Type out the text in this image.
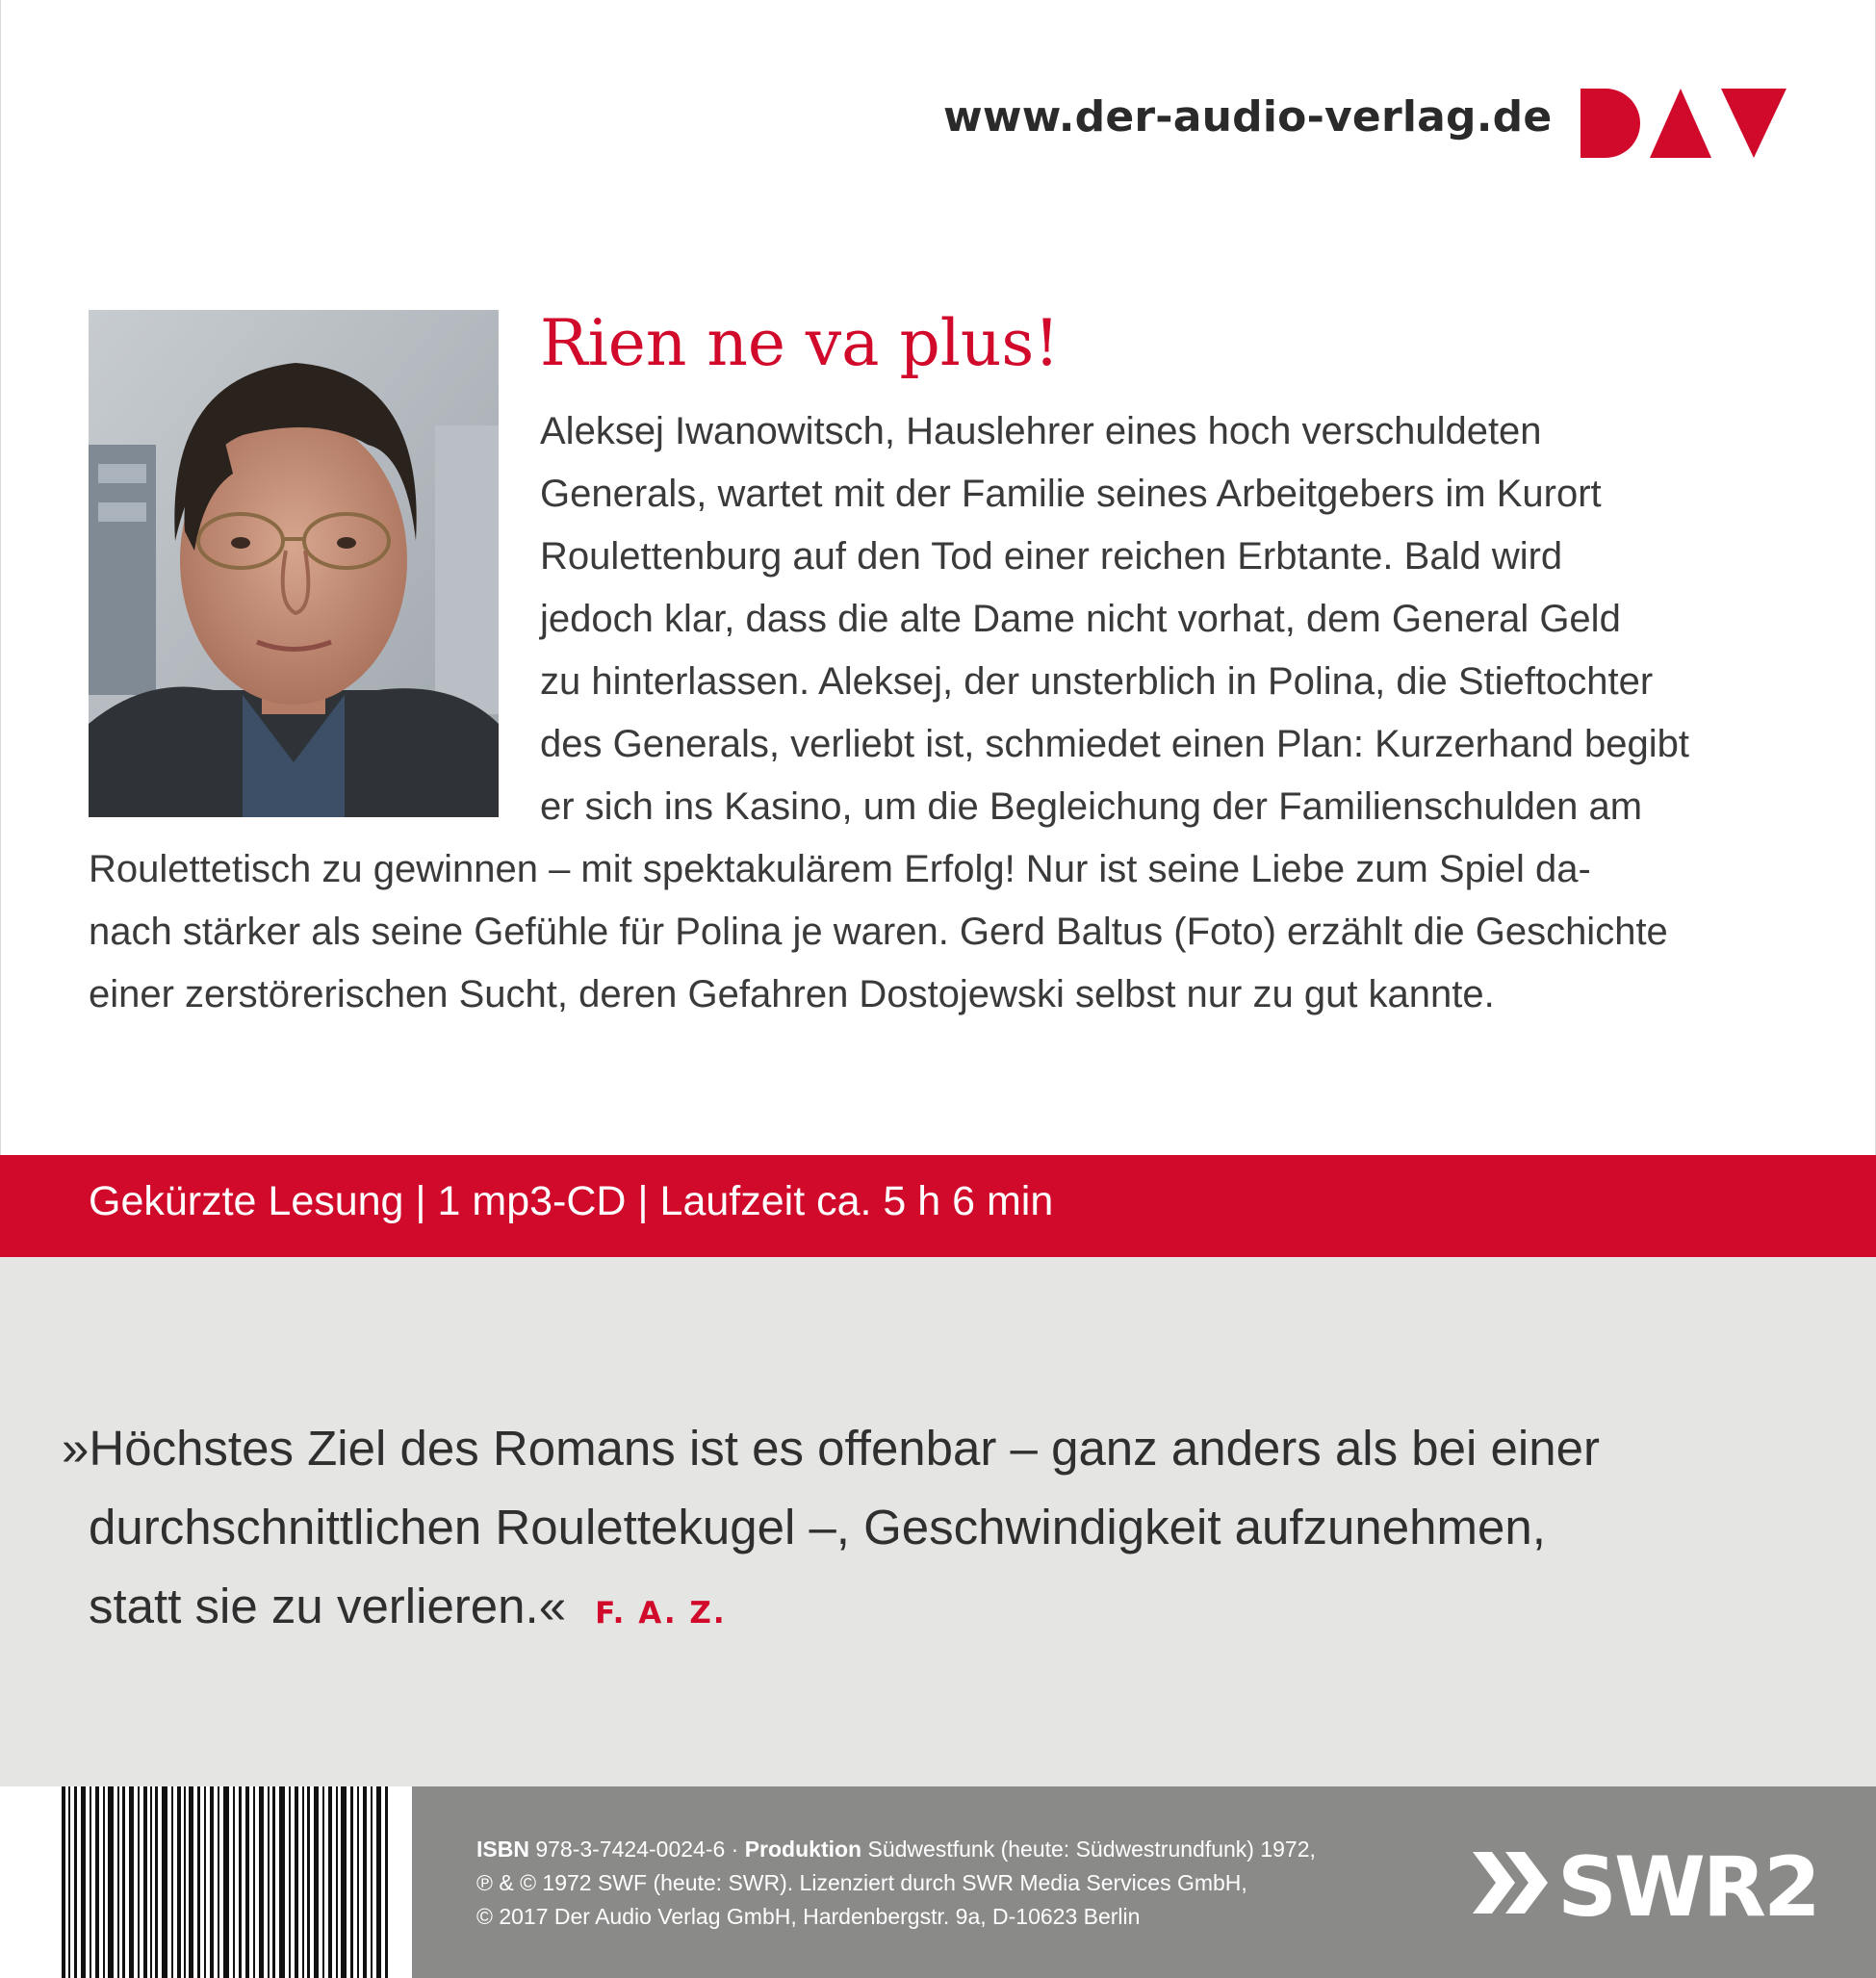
www.der-audio-verlag.de
Rien ne va plus!
Aleksej Iwanowitsch, Hauslehrer eines hoch verschuldeten
Generals, wartet mit der Familie seines Arbeitgebers im Kurort
Roulettenburg auf den Tod einer reichen Erbtante. Bald wird
jedoch klar, dass die alte Dame nicht vorhat, dem General Geld
zu hinterlassen. Aleksej, der unsterblich in Polina, die Stieftochter
des Generals, verliebt ist, schmiedet einen Plan: Kurzerhand begibt
er sich ins Kasino, um die Begleichung der Familienschulden am
Roulettetisch zu gewinnen – mit spektakulärem Erfolg! Nur ist seine Liebe zum Spiel da-
nach stärker als seine Gefühle für Polina je waren. Gerd Baltus (Foto) erzählt die Geschichte
einer zerstörerischen Sucht, deren Gefahren Dostojewski selbst nur zu gut kannte.
Gekürzte Lesung | 1 mp3-CD | Laufzeit ca. 5 h 6 min
»Höchstes Ziel des Romans ist es offenbar – ganz anders als bei einer
durchschnittlichen Roulettekugel –, Geschwindigkeit aufzunehmen,
statt sie zu verlieren.« F. A. Z.
ISBN 978-3-7424-0024-6 · Produktion Südwestfunk (heute: Südwestrundfunk) 1972,
℗ & © 1972 SWF (heute: SWR). Lizenziert durch SWR Media Services GmbH,
© 2017 Der Audio Verlag GmbH, Hardenbergstr. 9a, D-10623 Berlin	SWR2
